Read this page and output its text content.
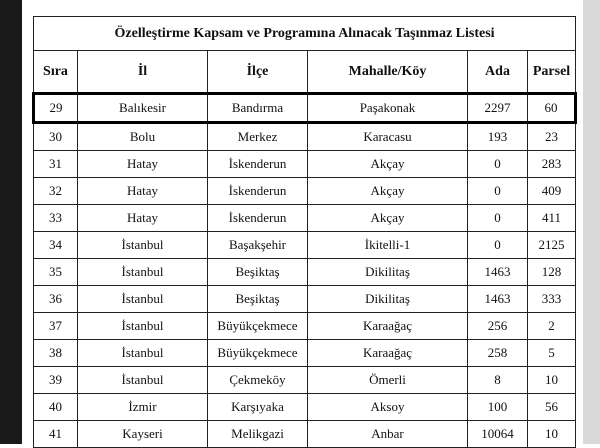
Özelleştirme Kapsam ve Programına Alınacak Taşınmaz Listesi					
Sıra	İl	İlçe	Mahalle/Köy	Ada	Parsel
29	Balıkesir	Bandırma	Paşakonak	2297	60
30	Bolu	Merkez	Karacasu	193	23
31	Hatay	İskenderun	Akçay	0	283
32	Hatay	İskenderun	Akçay	0	409
33	Hatay	İskenderun	Akçay	0	411
34	İstanbul	Başakşehir	İkitelli-1	0	2125
35	İstanbul	Beşiktaş	Dikilitaş	1463	128
36	İstanbul	Beşiktaş	Dikilitaş	1463	333
37	İstanbul	Büyükçekmece	Karaağaç	256	2
38	İstanbul	Büyükçekmece	Karaağaç	258	5
39	İstanbul	Çekmeköy	Ömerli	8	10
40	İzmir	Karşıyaka	Aksoy	100	56
41	Kayseri	Melikgazi	Anbar	10064	10
